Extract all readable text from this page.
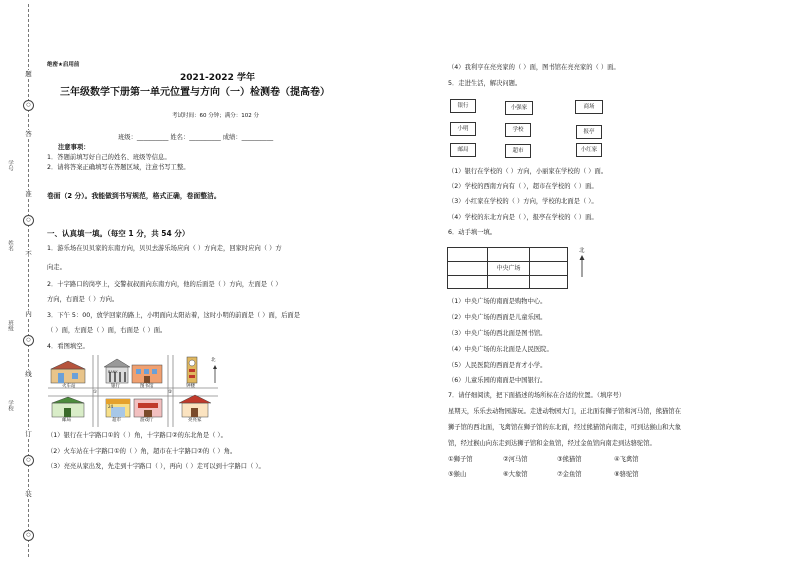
题
答
准
不
内
线
订
装
○
○
○
○
○
学号
姓名
班级
学校
绝密★启用前
2021-2022 学年
三年级数学下册第一单元位置与方向（一）检测卷（提高卷）
考试时间：60 分钟；满分：102 分
班级：__________ 姓名：__________ 成绩：__________
注意事项：
1．答题前填写好自己的姓名、班级等信息。
2．请将答案正确填写在答题区域，注意书写工整。
卷面（2 分）。我能做到书写规范，格式正确，卷面整洁。
一、认真填一填。（每空 1 分，共 54 分）
1．游乐场在贝贝家的东南方向，贝贝去游乐场应向（ ）方向走，回家时应向（ ）方
向走。
2．十字路口的岗亭上，交警叔叔面向东南方向，他的后面是（ ）方向，左面是（ ）
方向，右面是（ ）方向。
3．下午 5：00，放学回家的路上，小明面向太阳站着，这时小明的前面是（ ）面，后面是
（ ）面，左面是（ ）面，右面是（ ）面。
4．看图填空。
火车站	银行	图书馆	钟楼
邮局	超市	游戏厅	亮亮家
①	②
BANK
24
北
（1）银行在十字路口①的（ ）角，十字路口②的东北角是（ ）。
（2）火车站在十字路口①的（ ）角，超市在十字路口②的（ ）角。
（3）亮亮从家出发，先走到十字路口（ ），再向（ ）走可以到十字路口（ ）。
（4）我利亨在亮亮家的（ ）面，图书馆在亮亮家的（ ）面。
5．走进生活，解决问题。
银行	小强家	商场
小明	学校	报亭
邮局	超市	小红家
（1）银行在学校的（ ）方向，小丽家在学校的（ ）面。
（2）学校的西南方向有（ ），超市在学校的（ ）面。
（3）小红家在学校的（ ）方向，学校的北面是（ ）。
（4）学校的东北方向是（ ），报亭在学校的（ ）面。
6．动手填一填。
中央广场
北
（1）中央广场的南面是购物中心。
（2）中央广场的西面是儿童乐园。
（3）中央广场的西北面是图书馆。
（4）中央广场的东北面是人民医院。
（5）人民医院的西面是育才小学。
（6）儿童乐园的南面是中国银行。
7．请仔细阅读，把下面描述的场所标在合适的位置。（填序号）
星期天，乐乐去动物园游玩。走进动物园大门，正北面有狮子馆和河马馆，熊猫馆在
狮子馆的西北面，飞禽馆在狮子馆的东北面，经过熊猫馆向南走，可到达猴山和大象
馆，经过猴山向东走到达狮子馆和金鱼馆，经过金鱼馆向南走到达骆驼馆。
①狮子馆	②河马馆	③熊猫馆	④飞禽馆
⑤猴山	⑥大象馆	⑦金鱼馆	⑧骆驼馆
